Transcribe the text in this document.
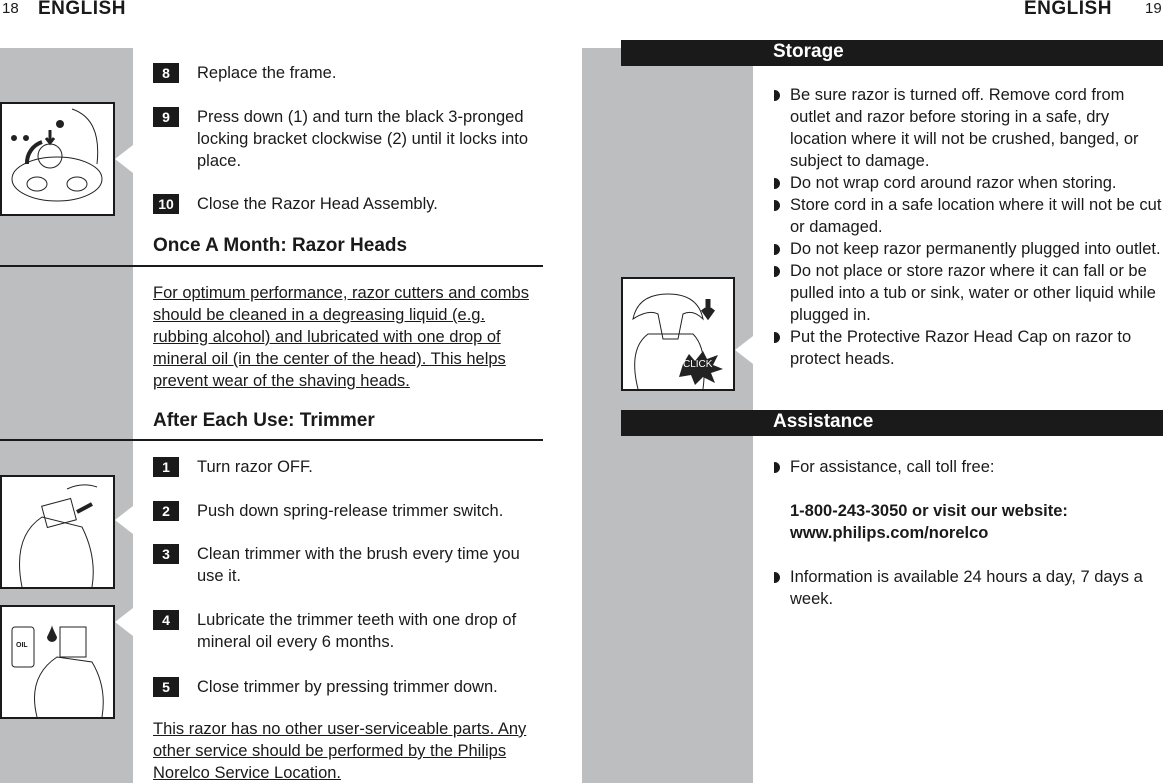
18 ENGLISH
8	Replace the frame.
9	Press down (1) and turn the black 3-pronged locking bracket clockwise (2) until it locks into place.
10	Close the Razor Head Assembly.
Once A Month: Razor Heads
For optimum performance, razor cutters and combs should be cleaned in a degreasing liquid (e.g. rubbing alcohol) and lubricated with one drop of mineral oil (in the center of the head). This helps prevent wear of the shaving heads.
After Each Use: Trimmer
OIL
1	Turn razor OFF.
2	Push down spring-release trimmer switch.
3	Clean trimmer with the brush every time you use it.
4	Lubricate the trimmer teeth with one drop of mineral oil every 6 months.
5	Close trimmer by pressing trimmer down.
This razor has no other user-serviceable parts. Any other service should be performed by the Philips Norelco Service Location.
ENGLISH 19
Storage
Assistance
CLICK
Be sure razor is turned off. Remove cord from outlet and razor before storing in a safe, dry location where it will not be crushed, banged, or subject to damage.
Do not wrap cord around razor when storing.
Store cord in a safe location where it will not be cut or damaged.
Do not keep razor permanently plugged into outlet.
Do not place or store razor where it can fall or be pulled into a tub or sink, water or other liquid while plugged in.
Put the Protective Razor Head Cap on razor to protect heads.
For assistance, call toll free:
1-800-243-3050 or visit our website: www.philips.com/norelco
Information is available 24 hours a day, 7 days a week.
